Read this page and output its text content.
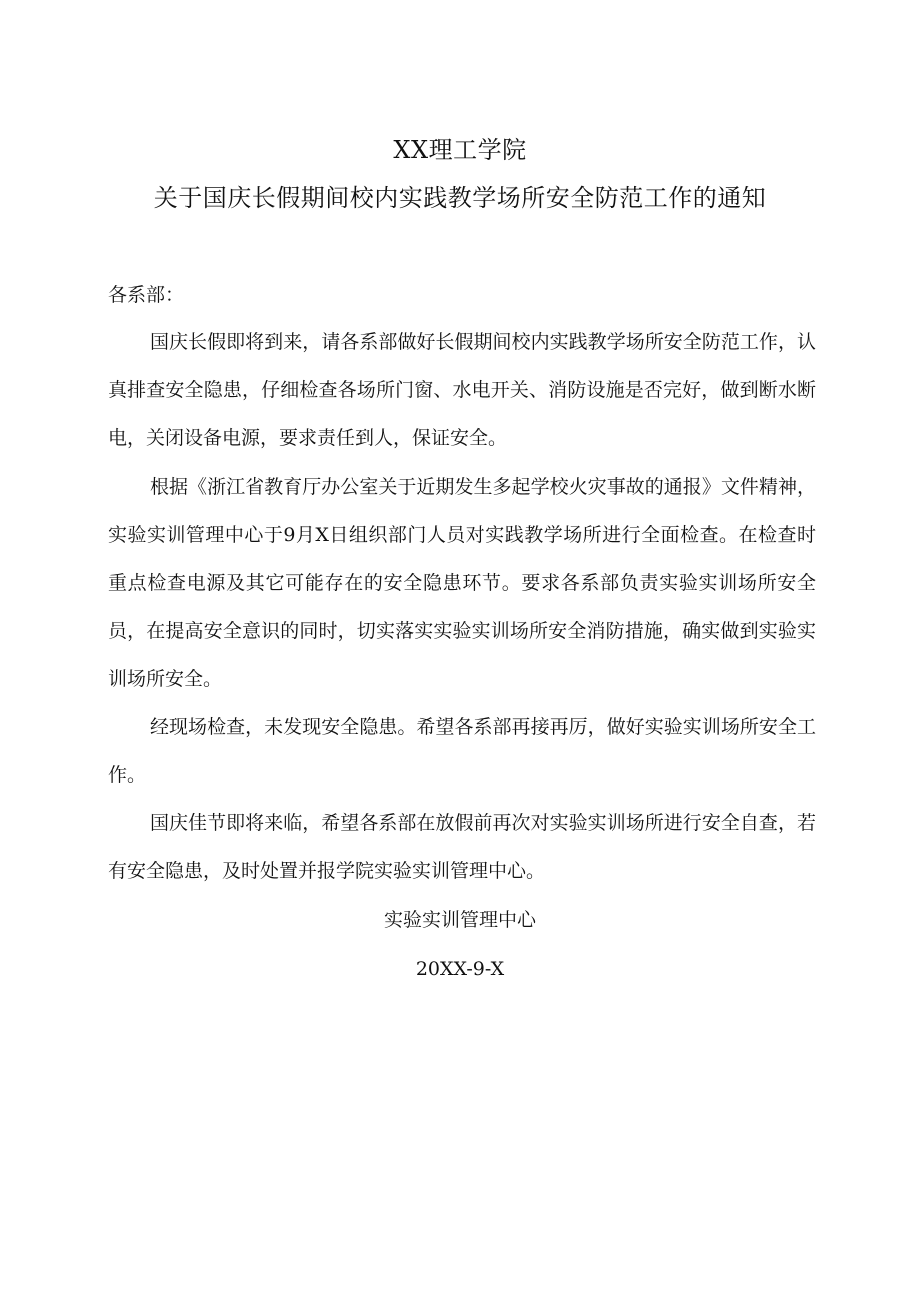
XX理工学院
关于国庆长假期间校内实践教学场所安全防范工作的通知
各系部：

国庆长假即将到来，请各系部做好长假期间校内实践教学场所安全防范工作，认真排查安全隐患，仔细检查各场所门窗、水电开关、消防设施是否完好，做到断水断电，关闭设备电源，要求责任到人，保证安全。

根据《浙江省教育厅办公室关于近期发生多起学校火灾事故的通报》文件精神，实验实训管理中心于9月X日组织部门人员对实践教学场所进行全面检查。在检查时重点检查电源及其它可能存在的安全隐患环节。要求各系部负责实验实训场所安全员，在提高安全意识的同时，切实落实实验实训场所安全消防措施，确实做到实验实训场所安全。

经现场检查，未发现安全隐患。希望各系部再接再厉，做好实验实训场所安全工作。

国庆佳节即将来临，希望各系部在放假前再次对实验实训场所进行安全自查，若有安全隐患，及时处置并报学院实验实训管理中心。

实验实训管理中心
20XX-9-X
